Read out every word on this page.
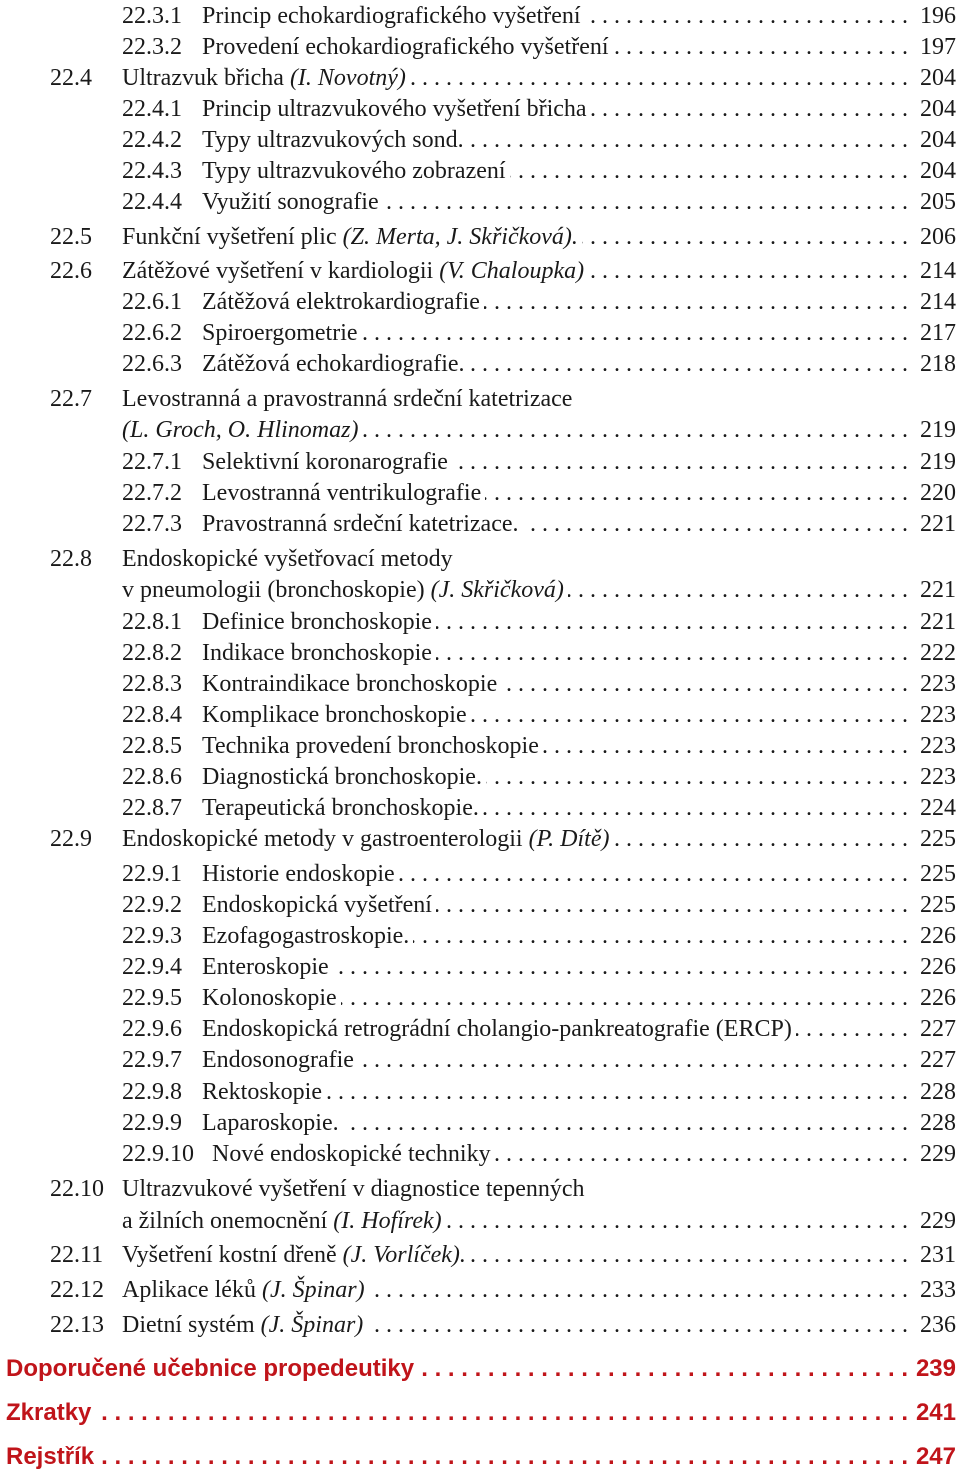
22.3.1 Princip echokardiografického vyšetření . . .	196
22.3.2 Provedení echokardiografického vyšetření . . .	197
22.4	Ultrazvuk břicha (I. Novotný) . . .	204
22.4.1 Princip ultrazvukového vyšetření břicha . . .	204
22.4.2 Typy ultrazvukových sond. . . .	204
22.4.3 Typy ultrazvukového zobrazení . . .	204
22.4.4 Využití sonografie . . .	205
22.5	Funkční vyšetření plic (Z. Merta, J. Skřičková). . . .	206
22.6	Zátěžové vyšetření v kardiologii (V. Chaloupka) . . .	214
22.6.1 Zátěžová elektrokardiografie . . .	214
22.6.2 Spiroergometrie . . .	217
22.6.3 Zátěžová echokardiografie. . . .	218
22.7	Levostranná a pravostranná srdeční katetrizace
(L. Groch, O. Hlinomaz) . . .	219
22.7.1 Selektivní koronarografie . . .	219
22.7.2 Levostranná ventrikulografie . . .	220
22.7.3 Pravostranná srdeční katetrizace. . . .	221
22.8	Endoskopické vyšetřovací metody
v pneumologii (bronchoskopie) (J. Skřičková) . . .	221
22.8.1 Definice bronchoskopie . . .	221
22.8.2 Indikace bronchoskopie . . .	222
22.8.3 Kontraindikace bronchoskopie . . .	223
22.8.4 Komplikace bronchoskopie . . .	223
22.8.5 Technika provedení bronchoskopie . . .	223
22.8.6 Diagnostická bronchoskopie. . . .	223
22.8.7 Terapeutická bronchoskopie. . . .	224
22.9	Endoskopické metody v gastroenterologii (P. Dítě) . . .	225
22.9.1 Historie endoskopie . . .	225
22.9.2 Endoskopická vyšetření . . .	225
22.9.3 Ezofagogastroskopie. . . .	226
22.9.4 Enteroskopie . . .	226
22.9.5 Kolonoskopie . . .	226
22.9.6 Endoskopická retrográdní cholangio-pankreatografie (ERCP) . . .	227
22.9.7 Endosonografie . . .	227
22.9.8 Rektoskopie . . .	228
22.9.9 Laparoskopie. . . .	228
22.9.10 Nové endoskopické techniky . . .	229
22.10 Ultrazvukové vyšetření v diagnostice tepenných
a žilních onemocnění (I. Hofírek) . . .	229
22.11 Vyšetření kostní dřeně (J. Vorlíček). . . .	231
22.12 Aplikace léků (J. Špinar) . . .	233
22.13 Dietní systém (J. Špinar) . . .	236
Doporučené učebnice propedeutiky . . .	239
Zkratky . . .	241
Rejstřík . . .	247
